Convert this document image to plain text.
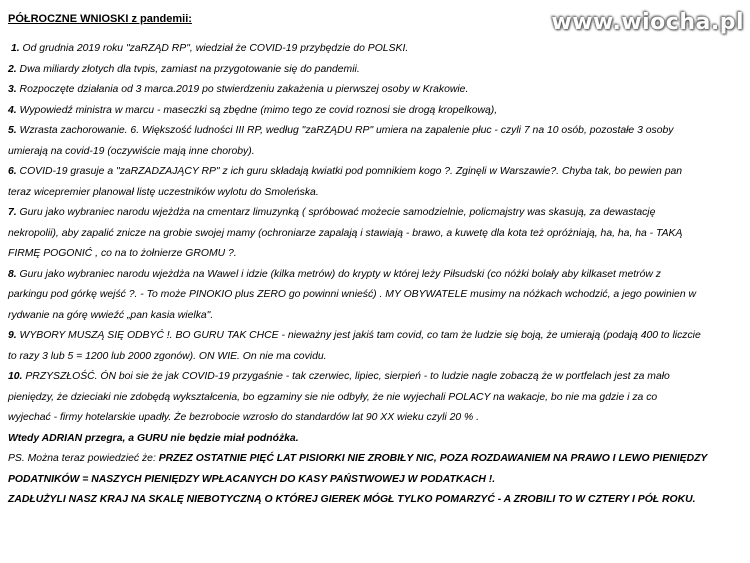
www.wiocha.pl
PÓŁROCZNE WNIOSKI z pandemii:

1. Od grudnia 2019 roku "zaRZĄD RP", wiedział że COVID-19 przybędzie do POLSKI.

2. Dwa miliardy złotych dla tvpis, zamiast na przygotowanie się do pandemii.

3. Rozpoczęte działania od 3 marca.2019 po stwierdzeniu zakażenia u pierwszej osoby w Krakowie.

4. Wypowiedź ministra w marcu - maseczki są zbędne (mimo tego ze covid roznosi sie drogą kropelkową),

5. Wzrasta zachorowanie. 6. Większość ludności III RP, według "zaRZĄDU RP" umiera na zapalenie płuc - czyli 7 na 10 osób, pozostałe 3 osoby

umierają na covid-19 (oczywiście mają inne choroby).

6. COVID-19 grasuje a "zaRZADZAJĄCY RP" z ich guru składają kwiatki pod pomnikiem kogo ?. Zginęli w Warszawie?. Chyba tak, bo pewien pan

teraz wicepremier planował listę uczestników wylotu do Smoleńska.

7. Guru jako wybraniec narodu wjeżdża na cmentarz limuzynką ( spróbować możecie samodzielnie, policmajstry was skasują, za dewastację

nekropolii), aby zapalić znicze na grobie swojej mamy (ochroniarze zapalają i stawiają - brawo, a kuwetę dla kota też opróżniają, ha, ha, ha - TAKĄ

FIRMĘ POGONIĆ , co na to żołnierze GROMU ?.

8. Guru jako wybraniec narodu wjeżdża na Wawel i idzie (kilka metrów) do krypty w której leży Piłsudski (co nóżki bolały aby kilkaset metrów z

parkingu pod górkę wejść ?. - To może PINOKIO plus ZERO go powinni wnieść) . MY OBYWATELE musimy na nóżkach wchodzić, a jego powinien w

rydwanie na górę wwieźć „pan kasia wielka".

9. WYBORY MUSZĄ SIĘ ODBYĆ !. BO GURU TAK CHCE - nieważny jest jakiś tam covid, co tam że ludzie się boją, że umierają (podają 400 to liczcie

to razy 3 lub 5 = 1200 lub 2000 zgonów). ON WIE. On nie ma covidu.

10. PRZYSZŁOŚĆ. ÓN boi sie że jak COVID-19 przygaśnie - tak czerwiec, lipiec, sierpień - to ludzie nagle zobaczą że w portfelach jest za mało

pieniędzy, że dzieciaki nie zdobędą wykształcenia, bo egzaminy sie nie odbyły, że nie wyjechali POLACY na wakacje, bo nie ma gdzie i za co

wyjechać - firmy hotelarskie upadły. Że bezrobocie wzrosło do standardów lat 90 XX wieku czyli 20 % .

Wtedy ADRIAN przegra, a GURU nie będzie miał podnóżka.

PS. Można teraz powiedzieć że: PRZEZ OSTATNIE PIĘĆ LAT PISIORKI NIE ZROBIŁY NIC, POZA ROZDAWANIEM NA PRAWO I LEWO PIENIĘDZY

PODATNIKÓW = NASZYCH PIENIĘDZY WPŁACANYCH DO KASY PAŃSTWOWEJ W PODATKACH !.

ZADŁUŻYLI NASZ KRAJ NA SKALĘ NIEBOTYCZNĄ O KTÓREJ GIEREK MÓGŁ TYLKO POMARZYĆ - A ZROBILI TO W CZTERY I PÓŁ ROKU.
